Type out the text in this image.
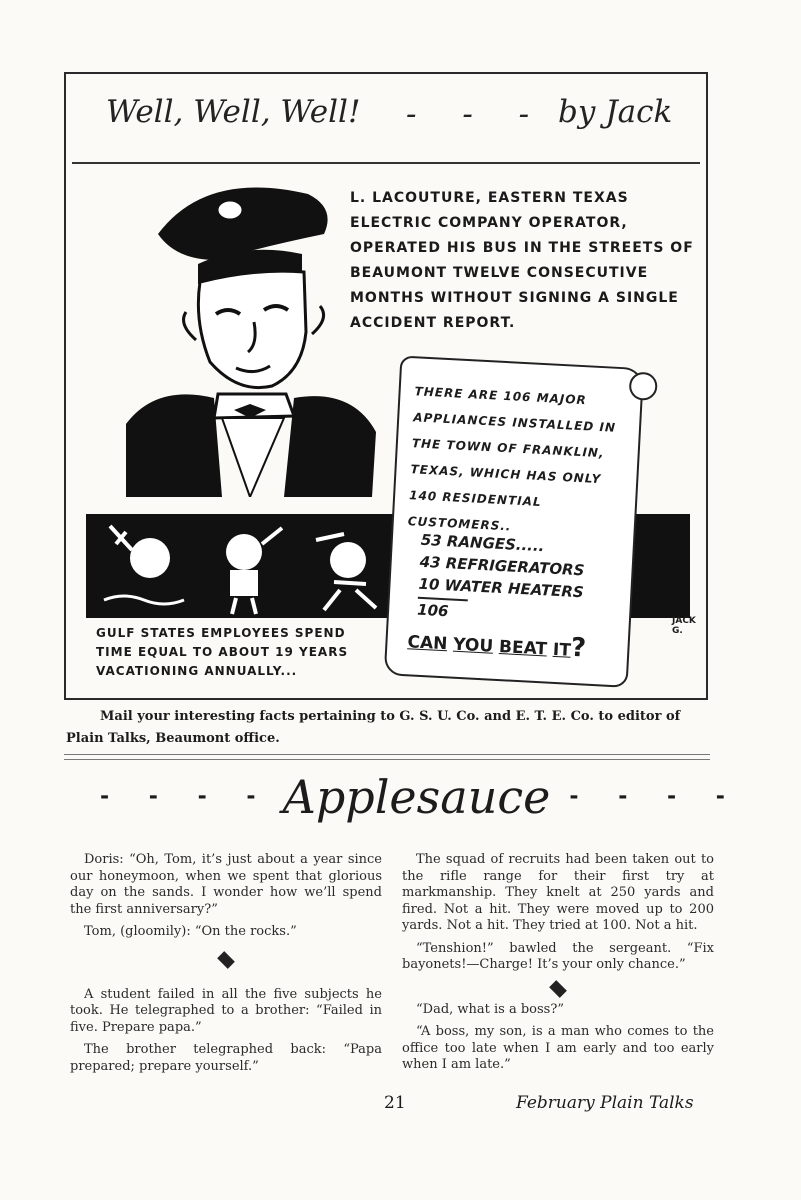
Well, Well, Well! - - - by Jack
L. LACOUTURE, EASTERN TEXAS ELECTRIC COMPANY OPERATOR, OPERATED HIS BUS IN THE STREETS OF BEAUMONT TWELVE CONSECUTIVE MONTHS WITHOUT SIGNING A SINGLE ACCIDENT REPORT.
GULF STATES EMPLOYEES SPEND TIME EQUAL TO ABOUT 19 YEARS VACATIONING ANNUALLY...
THERE ARE 106 MAJOR APPLIANCES INSTALLED IN THE TOWN OF FRANKLIN, TEXAS, WHICH HAS ONLY 140 RESIDENTIAL CUSTOMERS..
53 RANGES.....
43 REFRIGERATORS
10 WATER HEATERS
106
CAN YOU BEAT IT?
JACK G.
Mail your interesting facts pertaining to G. S. U. Co. and E. T. E. Co. to editor of Plain Talks, Beaumont office.
- - - - Applesauce - - - -

Doris: “Oh, Tom, it’s just about a year since our honeymoon, when we spent that glorious day on the sands. I wonder how we’ll spend the first anniversary?”

Tom, (gloomily): “On the rocks.”

A student failed in all the five subjects he took. He telegraphed to a brother: “Failed in five. Prepare papa.”

The brother telegraphed back: “Papa prepared; prepare yourself.”

The squad of recruits had been taken out to the rifle range for their first try at markmanship. They knelt at 250 yards and fired. Not a hit. They were moved up to 200 yards. Not a hit. They tried at 100. Not a hit.

“Tenshion!” bawled the sergeant. “Fix bayonets!—Charge! It’s your only chance.”

“Dad, what is a boss?”

“A boss, my son, is a man who comes to the office too late when I am early and too early when I am late.”

21	February Plain Talks
